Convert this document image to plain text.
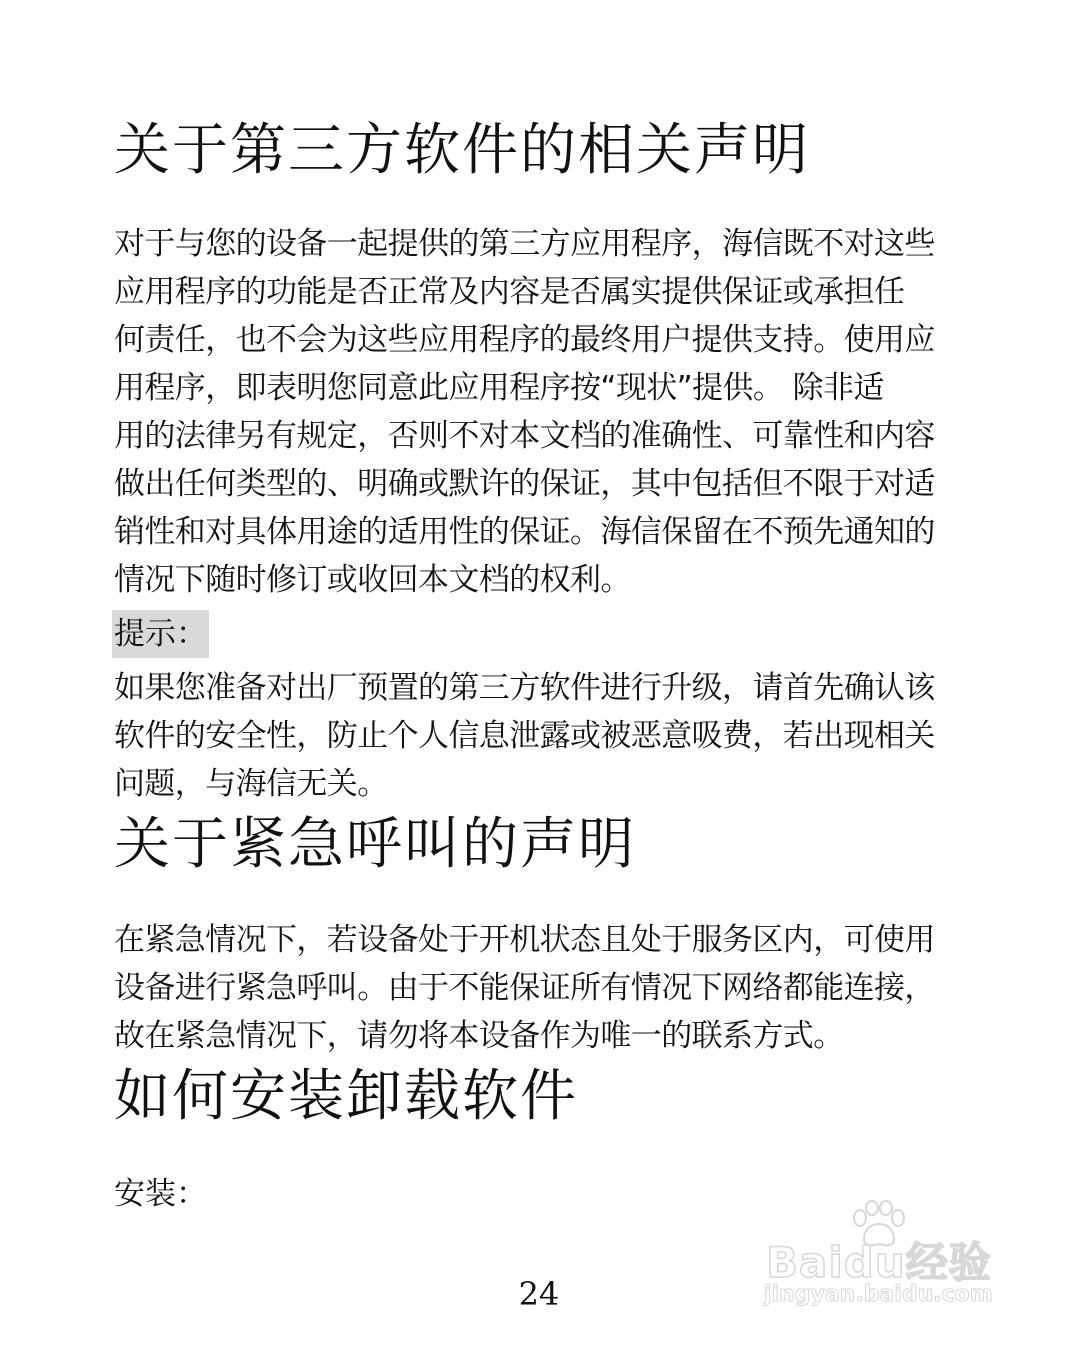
关于第三方软件的相关声明
对于与您的设备一起提供的第三方应用程序，海信既不对这些
应用程序的功能是否正常及内容是否属实提供保证或承担任
何责任，也不会为这些应用程序的最终用户提供支持。使用应
用程序，即表明您同意此应用程序按“现状”提供。 除非适
用的法律另有规定，否则不对本文档的准确性、可靠性和内容
做出任何类型的、明确或默许的保证，其中包括但不限于对适
销性和对具体用途的适用性的保证。海信保留在不预先通知的
情况下随时修订或收回本文档的权利。
提示：
如果您准备对出厂预置的第三方软件进行升级，请首先确认该
软件的安全性，防止个人信息泄露或被恶意吸费，若出现相关
问题，与海信无关。
关于紧急呼叫的声明
在紧急情况下，若设备处于开机状态且处于服务区内，可使用
设备进行紧急呼叫。由于不能保证所有情况下网络都能连接，
故在紧急情况下，请勿将本设备作为唯一的联系方式。
如何安装卸载软件
安装：
24
Baidu经验
jingyan.baidu.com
